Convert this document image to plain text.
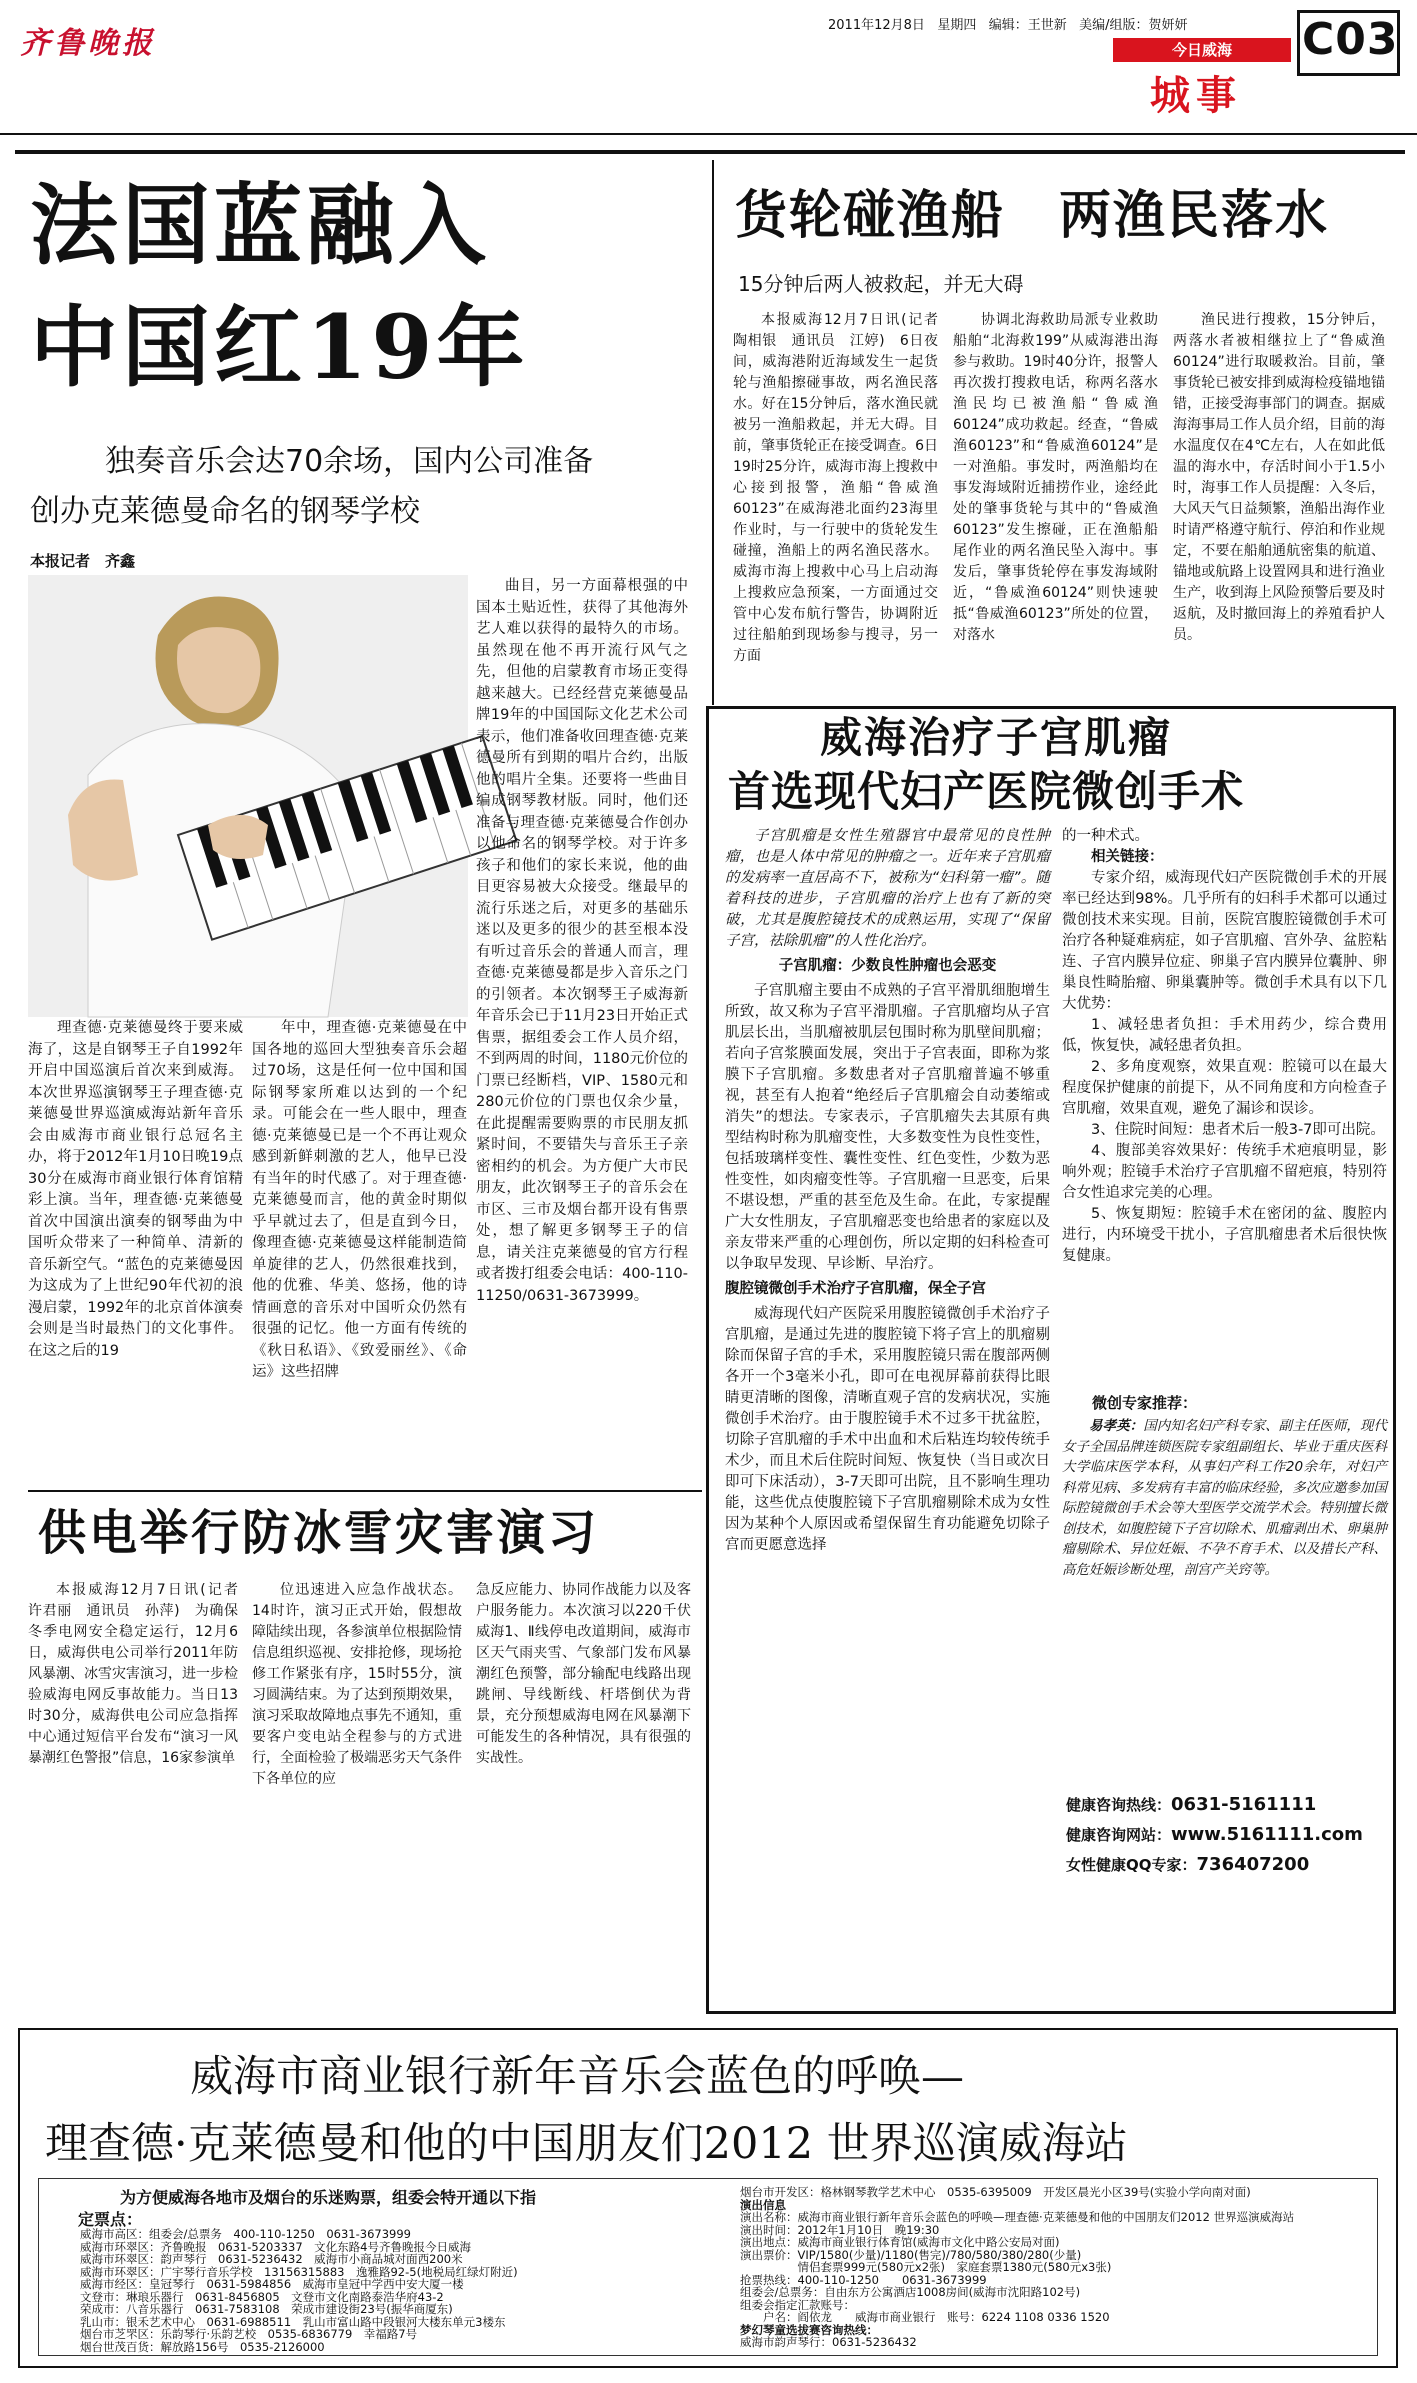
齐鲁晚报
2011年12月8日 星期四 编辑：王世新 美编/组版：贺妍妍
今日威海
城事
C03
法国蓝融入
中国红19年
独奏音乐会达70余场，国内公司准备
创办克莱德曼命名的钢琴学校
本报记者　齐鑫

理查德·克莱德曼终于要来威海了，这是自钢琴王子自1992年开启中国巡演后首次来到威海。本次世界巡演钢琴王子理查德·克莱德曼世界巡演威海站新年音乐会由威海市商业银行总冠名主办，将于2012年1月10日晚19点30分在威海市商业银行体育馆精彩上演。当年，理查德·克莱德曼首次中国演出演奏的钢琴曲为中国听众带来了一种简单、清新的音乐新空气。“蓝色的克莱德曼因为这成为了上世纪90年代初的浪漫启蒙，1992年的北京首体演奏会则是当时最热门的文化事件。在这之后的19

年中，理查德·克莱德曼在中国各地的巡回大型独奏音乐会超过70场，这是任何一位中国和国际钢琴家所难以达到的一个纪录。可能会在一些人眼中，理查德·克莱德曼已是一个不再让观众感到新鲜刺激的艺人，他早已没有当年的时代感了。对于理查德·克莱德曼而言，他的黄金时期似乎早就过去了，但是直到今日，像理查德·克莱德曼这样能制造简单旋律的艺人，仍然很难找到，他的优雅、华美、悠扬，他的诗情画意的音乐对中国听众仍然有很强的记忆。他一方面有传统的《秋日私语》、《致爱丽丝》、《命运》这些招牌

曲目，另一方面幕根强的中国本土贴近性，获得了其他海外艺人难以获得的最特久的市场。虽然现在他不再开流行风气之先，但他的启蒙教育市场正变得越来越大。已经经营克莱德曼品牌19年的中国国际文化艺术公司表示，他们准备收回理查德·克莱德曼所有到期的唱片合约，出版他的唱片全集。还要将一些曲目编成钢琴教材版。同时，他们还准备与理查德·克莱德曼合作创办以他命名的钢琴学校。对于许多孩子和他们的家长来说，他的曲目更容易被大众接受。继最早的流行乐迷之后，对更多的基础乐迷以及更多的很少的甚至根本没有听过音乐会的普通人而言，理查德·克莱德曼都是步入音乐之门的引领者。本次钢琴王子威海新年音乐会已于11月23日开始正式售票，据组委会工作人员介绍，不到两周的时间，1180元价位的门票已经断档，VIP、1580元和280元价位的门票也仅余少量，在此提醒需要购票的市民朋友抓紧时间，不要错失与音乐王子亲密相约的机会。为方便广大市民朋友，此次钢琴王子的音乐会在市区、三市及烟台都开设有售票处，想了解更多钢琴王子的信息，请关注克莱德曼的官方行程或者拨打组委会电话：400-110-11250/0631-3673999。

货轮碰渔船　两渔民落水
15分钟后两人被救起，并无大碍

本报威海12月7日讯(记者　陶相银　通讯员　江婷)　6日夜间，威海港附近海域发生一起货轮与渔船擦碰事故，两名渔民落水。好在15分钟后，落水渔民就被另一渔船救起，并无大碍。目前，肇事货轮正在接受调查。6日19时25分许，威海市海上搜救中心接到报警，渔船“鲁威渔60123”在威海港北面约23海里作业时，与一行驶中的货轮发生碰撞，渔船上的两名渔民落水。威海市海上搜救中心马上启动海上搜救应急预案，一方面通过交管中心发布航行警告，协调附近过往船舶到现场参与搜寻，另一方面

协调北海救助局派专业救助船舶“北海救199”从威海港出海参与救助。19时40分许，报警人再次拨打搜救电话，称两名落水渔民均已被渔船“鲁威渔60124”成功救起。经查，“鲁威渔60123”和“鲁威渔60124”是一对渔船。事发时，两渔船均在事发海域附近捕捞作业，途经此处的肇事货轮与其中的“鲁威渔60123”发生擦碰，正在渔船船尾作业的两名渔民坠入海中。事发后，肇事货轮停在事发海域附近，“鲁威渔60124”则快速驶抵“鲁威渔60123”所处的位置，对落水

渔民进行搜救，15分钟后，两落水者被相继拉上了“鲁威渔60124”进行取暖救治。目前，肇事货轮已被安排到威海检疫锚地锚错，正接受海事部门的调查。据威海海事局工作人员介绍，目前的海水温度仅在4℃左右，人在如此低温的海水中，存活时间小于1.5小时，海事工作人员提醒：入冬后，大风天气日益频繁，渔船出海作业时请严格遵守航行、停泊和作业规定，不要在船舶通航密集的航道、锚地或航路上设置网具和进行渔业生产，收到海上风险预警后要及时返航，及时撤回海上的养殖看护人员。

威海治疗子宫肌瘤
首选现代妇产医院微创手术

子宫肌瘤是女性生殖器官中最常见的良性肿瘤，也是人体中常见的肿瘤之一。近年来子宫肌瘤的发病率一直居高不下，被称为“妇科第一瘤”。随着科技的进步，子宫肌瘤的治疗上也有了新的突破，尤其是腹腔镜技术的成熟运用，实现了“保留子宫，祛除肌瘤”的人性化治疗。

子宫肌瘤：少数良性肿瘤也会恶变

子宫肌瘤主要由不成熟的子宫平滑肌细胞增生所致，故又称为子宫平滑肌瘤。子宫肌瘤均从子宫肌层长出，当肌瘤被肌层包围时称为肌壁间肌瘤；若向子宫浆膜面发展，突出于子宫表面，即称为浆膜下子宫肌瘤。多数患者对子宫肌瘤普遍不够重视，甚至有人抱着“绝经后子宫肌瘤会自动萎缩或消失”的想法。专家表示，子宫肌瘤失去其原有典型结构时称为肌瘤变性，大多数变性为良性变性，包括玻璃样变性、囊性变性、红色变性，少数为恶性变性，如肉瘤变性等。子宫肌瘤一旦恶变，后果不堪设想，严重的甚至危及生命。在此，专家提醒广大女性朋友，子宫肌瘤恶变也给患者的家庭以及亲友带来严重的心理创伤，所以定期的妇科检查可以争取早发现、早诊断、早治疗。

腹腔镜微创手术治疗子宫肌瘤，保全子宫

威海现代妇产医院采用腹腔镜微创手术治疗子宫肌瘤，是通过先进的腹腔镜下将子宫上的肌瘤剔除而保留子宫的手术，采用腹腔镜只需在腹部两侧各开一个3毫米小孔，即可在电视屏幕前获得比眼睛更清晰的图像，清晰直观子宫的发病状况，实施微创手术治疗。由于腹腔镜手术不过多干扰盆腔，切除子宫肌瘤的手术中出血和术后粘连均较传统手术少，而且术后住院时间短、恢复快（当日或次日即可下床活动），3-7天即可出院，且不影响生理功能，这些优点使腹腔镜下子宫肌瘤剔除术成为女性因为某种个人原因或希望保留生育功能避免切除子宫而更愿意选择

的一种术式。

相关链接：

专家介绍，威海现代妇产医院微创手术的开展率已经达到98%。几乎所有的妇科手术都可以通过微创技术来实现。目前，医院宫腹腔镜微创手术可治疗各种疑难病症，如子宫肌瘤、宫外孕、盆腔粘连、子宫内膜异位症、卵巢子宫内膜异位囊肿、卵巢良性畸胎瘤、卵巢囊肿等。微创手术具有以下几大优势：

1、减轻患者负担：手术用药少，综合费用低，恢复快，减轻患者负担。

2、多角度观察，效果直观：腔镜可以在最大程度保护健康的前提下，从不同角度和方向检查子宫肌瘤，效果直观，避免了漏诊和误诊。

3、住院时间短：患者术后一般3-7即可出院。

4、腹部美容效果好：传统手术疤痕明显，影响外观；腔镜手术治疗子宫肌瘤不留疤痕，特别符合女性追求完美的心理。

5、恢复期短：腔镜手术在密闭的盆、腹腔内进行，内环境受干扰小，子宫肌瘤患者术后很快恢复健康。

微创专家推荐：

易孝英：国内知名妇产科专家、副主任医师，现代女子全国品牌连锁医院专家组副组长、毕业于重庆医科大学临床医学本科，从事妇产科工作20余年，对妇产科常见病、多发病有丰富的临床经验，多次应邀参加国际腔镜微创手术会等大型医学交流学术会。特别擅长微创技术，如腹腔镜下子宫切除术、肌瘤剥出术、卵巢肿瘤剔除术、异位妊娠、不孕不育手术、以及措长产科、高危妊娠诊断处理，剖宫产关窍等。

健康咨询热线：0631-5161111
健康咨询网站：www.5161111.com
女性健康QQ专家：736407200
供电举行防冰雪灾害演习

本报威海12月7日讯(记者　许君丽　通讯员　孙萍)　为确保冬季电网安全稳定运行，12月6日，威海供电公司举行2011年防风暴潮、冰雪灾害演习，进一步检验威海电网反事故能力。当日13时30分，威海供电公司应急指挥中心通过短信平台发布“演习一风暴潮红色警报”信息，16家参演单

位迅速进入应急作战状态。14时许，演习正式开始，假想故障陆续出现，各参演单位根据险情信息组织巡视、安排抢修，现场抢修工作紧张有序，15时55分，演习圆满结束。为了达到预期效果，演习采取故障地点事先不通知，重要客户变电站全程参与的方式进行，全面检验了极端恶劣天气条件下各单位的应

急反应能力、协同作战能力以及客户服务能力。本次演习以220千伏威海1、Ⅱ线停电改道期间，威海市区天气雨夹雪、气象部门发布风暴潮红色预警，部分输配电线路出现跳闸、导线断线、杆塔倒伏为背景，充分预想威海电网在风暴潮下可能发生的各种情况，具有很强的实战性。

威海市商业银行新年音乐会蓝色的呼唤—
理查德·克莱德曼和他的中国朋友们2012 世界巡演威海站
为方便威海各地市及烟台的乐迷购票，组委会特开通以下指
定票点：
威海市高区：组委会/总票务　400-110-1250　0631-3673999
威海市环翠区：齐鲁晚报　0631-5203337　文化东路4号齐鲁晚报今日威海
威海市环翠区：韵声琴行　0631-5236432　威海市小商品城对面西200米
威海市环翠区：广宇琴行音乐学校　13156315883　逸雅路92-5(地税局红绿灯附近)
威海市经区：皇冠琴行　0631-5984856　威海市皇冠中学西中安大厦一楼
文登市：琳琅乐器行　0631-8456805　文登市文化南路泰浩华府43-2
荣成市：八音乐器行　0631-7583108　荣成市建设街23号(振华商厦东)
乳山市：银禾艺术中心　0631-6988511　乳山市富山路中段银河大楼东单元3楼东
烟台市芝罘区：乐韵琴行·乐韵艺校　0535-6836779　幸福路7号
烟台世茂百货：解放路156号　0535-2126000
烟台市开发区：格林钢琴教学艺术中心　0535-6395009　开发区晨光小区39号(实验小学向南对面)
演出信息
演出名称：威海市商业银行新年音乐会蓝色的呼唤—理查德·克莱德曼和他的中国朋友们2012 世界巡演威海站
演出时间：2012年1月10日　晚19:30
演出地点：威海市商业银行体育馆(威海市文化中路公安局对面)
演出票价：VIP/1580(少量)/1180(售完)/780/580/380/280(少量)
　　　　　情侣套票999元(580元x2张)　家庭套票1380元(580元x3张)
抢票热线：400-110-1250　　0631-3673999
组委会/总票务：自由东方公寓酒店1008房间(威海市沈阳路102号)
组委会指定汇款账号：
　　户名：阎依龙　　威海市商业银行　账号：6224 1108 0336 1520
梦幻琴童选拔赛咨询热线：
威海市韵声琴行：0631-5236432
